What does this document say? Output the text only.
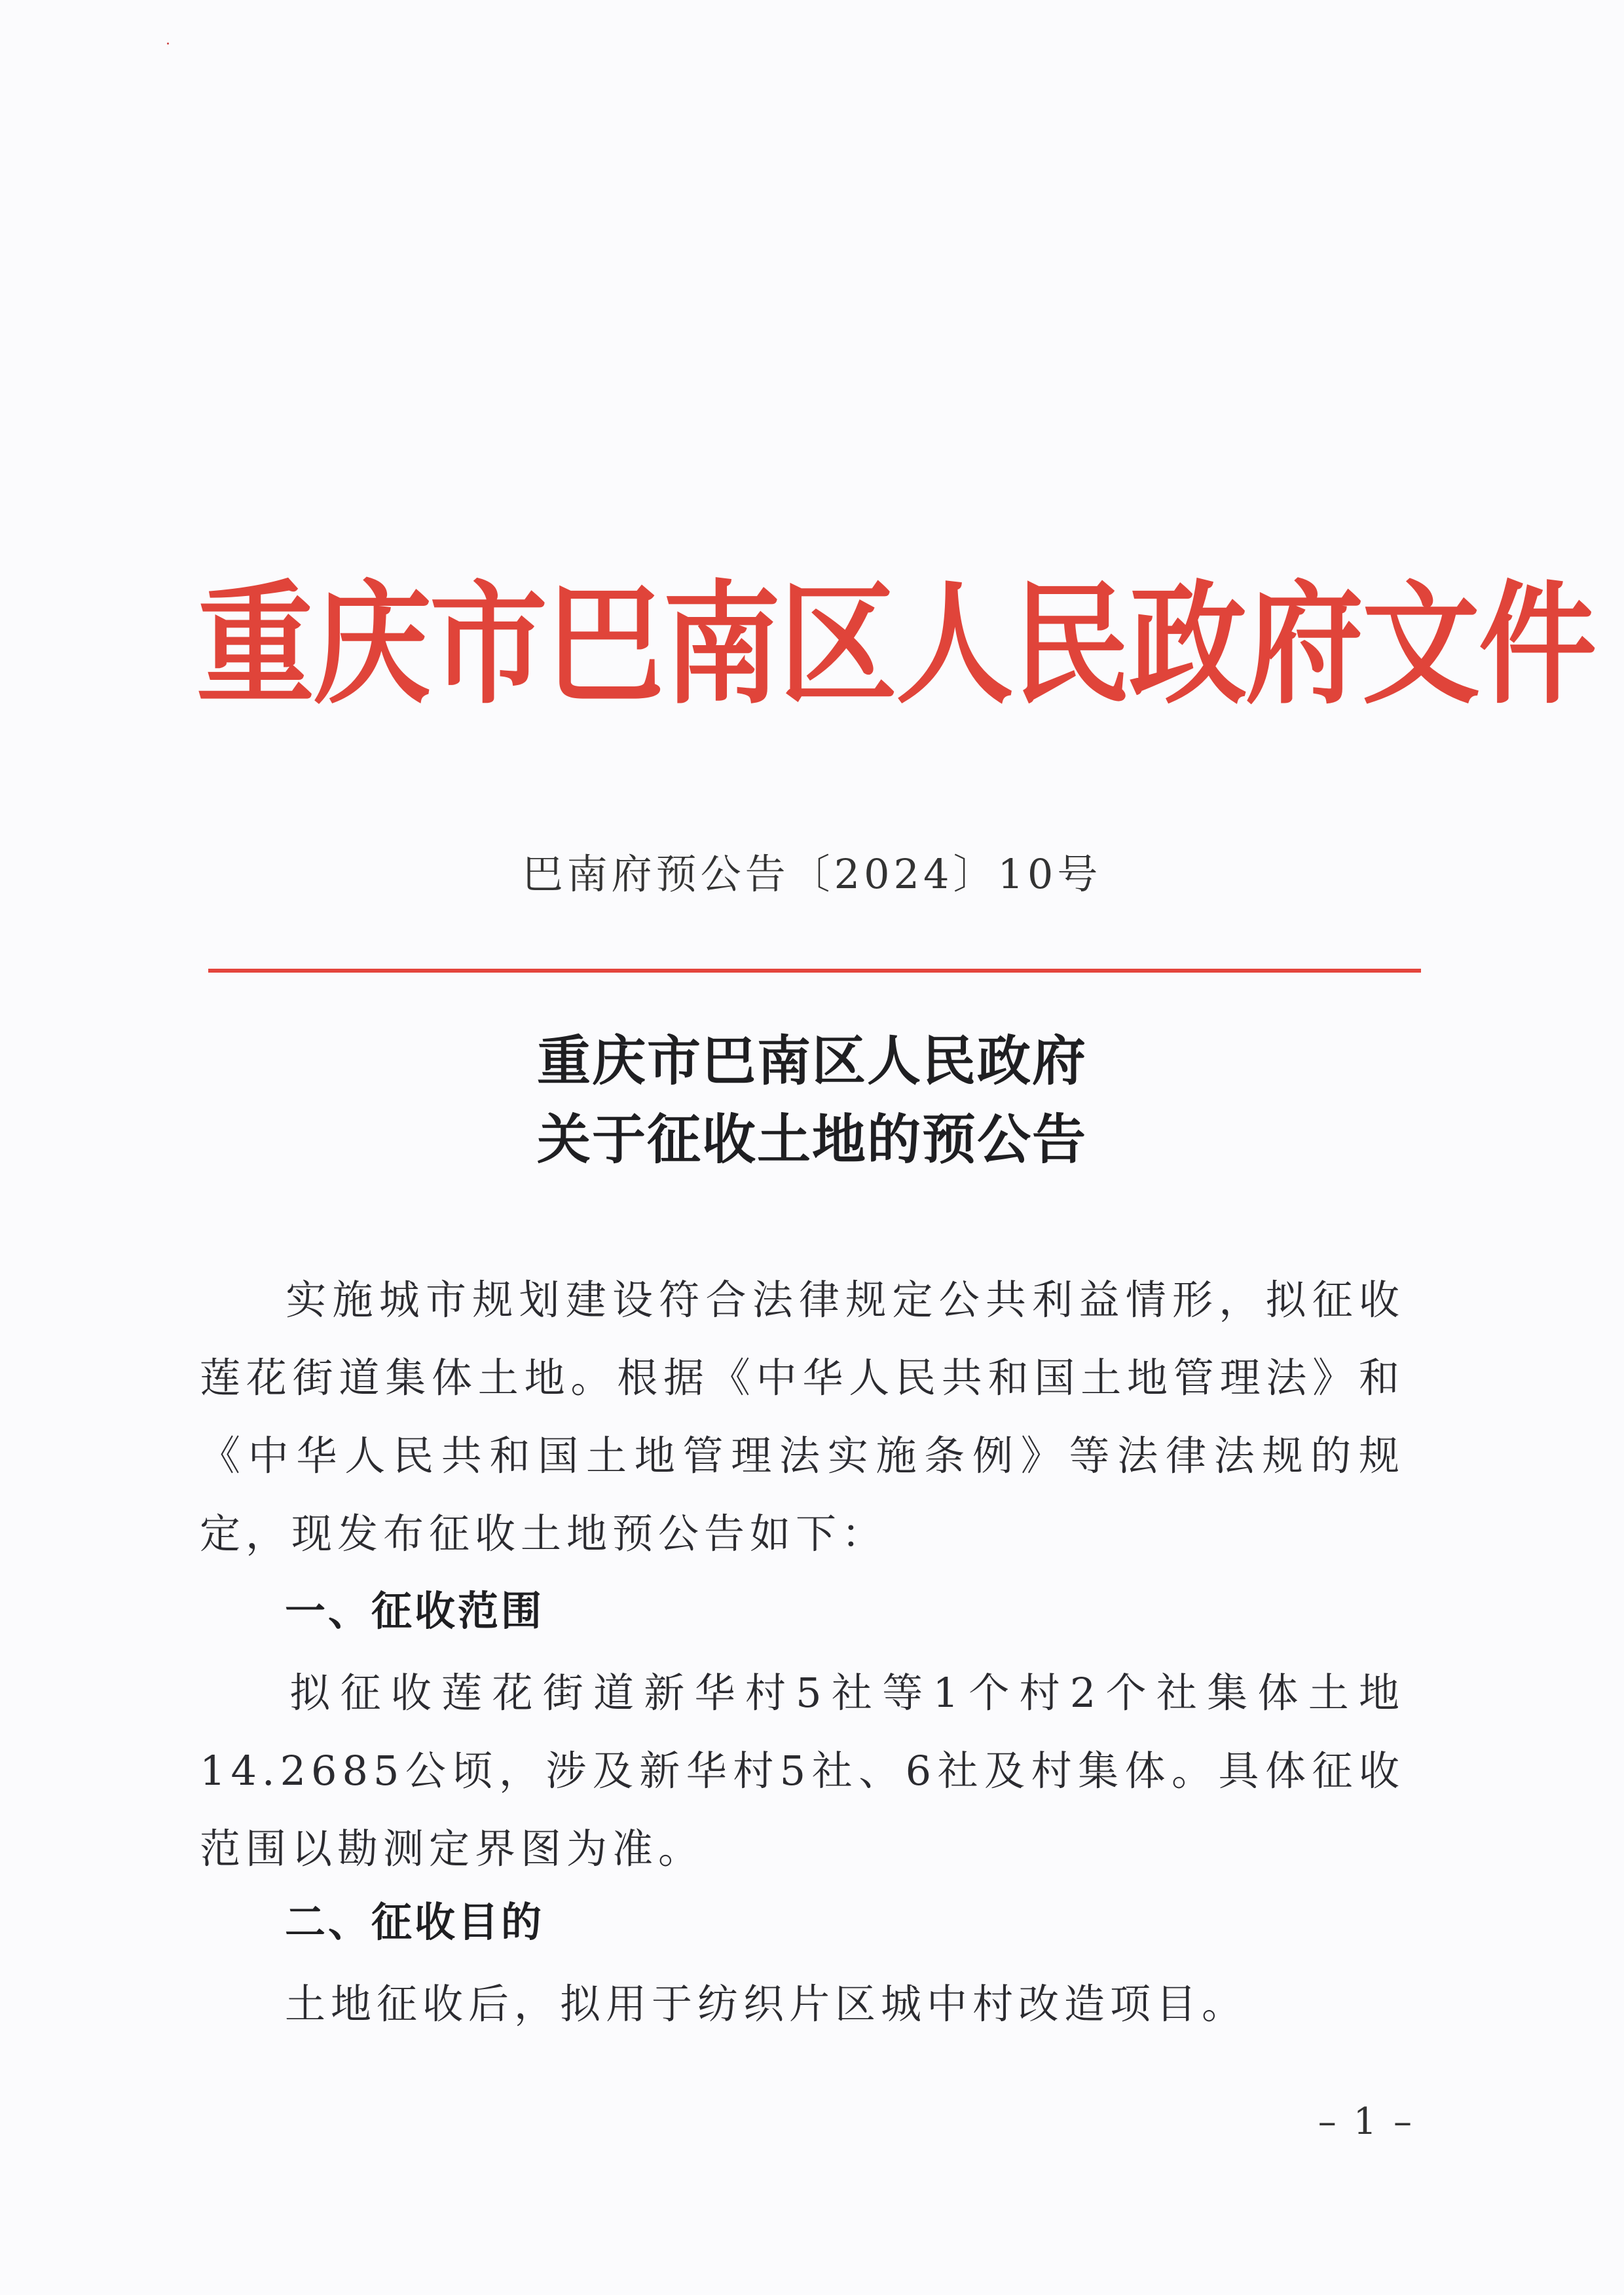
重庆市巴南区人民政府文件
巴南府预公告〔2024〕10号
重庆市巴南区人民政府
关于征收土地的预公告
实施城市规划建设符合法律规定公共利益情形，拟征收莲花街道集体土地。根据《中华人民共和国土地管理法》和《中华人民共和国土地管理法实施条例》等法律法规的规定，现发布征收土地预公告如下：
一、征收范围
拟征收莲花街道新华村5社等1个村2个社集体土地14.2685公顷，涉及新华村5社、6社及村集体。具体征收范围以勘测定界图为准。
二、征收目的
土地征收后，拟用于纺织片区城中村改造项目。
– 1 –
